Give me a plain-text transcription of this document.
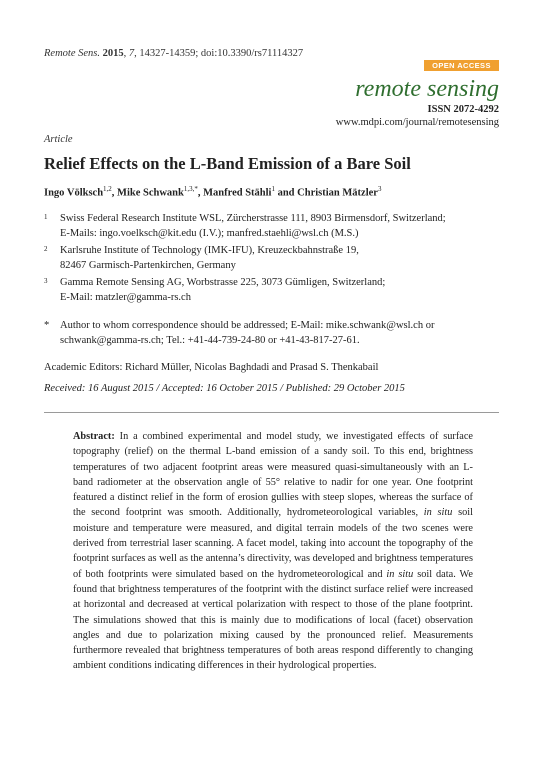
Remote Sens. 2015, 7, 14327-14359; doi:10.3390/rs71114327
OPEN ACCESS
remote sensing
ISSN 2072-4292
www.mdpi.com/journal/remotesensing
Article
Relief Effects on the L-Band Emission of a Bare Soil
Ingo Völksch$^{1,2}$, Mike Schwank$^{1,3,*}$, Manfred Stähli$^1$ and Christian Mätzler$^3$
1 Swiss Federal Research Institute WSL, Zürcherstrasse 111, 8903 Birmensdorf, Switzerland;
E-Mails: ingo.voelksch@kit.edu (I.V.); manfred.staehli@wsl.ch (M.S.)
2 Karlsruhe Institute of Technology (IMK-IFU), Kreuzeckbahnstraße 19,
82467 Garmisch-Partenkirchen, Germany
3 Gamma Remote Sensing AG, Worbstrasse 225, 3073 Gümligen, Switzerland;
E-Mail: matzler@gamma-rs.ch
* Author to whom correspondence should be addressed; E-Mail: mike.schwank@wsl.ch or
schwank@gamma-rs.ch; Tel.: +41-44-739-24-80 or +41-43-817-27-61.
Academic Editors: Richard Müller, Nicolas Baghdadi and Prasad S. Thenkabail
Received: 16 August 2015 / Accepted: 16 October 2015 / Published: 29 October 2015
Abstract: In a combined experimental and model study, we investigated effects of surface topography (relief) on the thermal L-band emission of a sandy soil. To this end, brightness temperatures of two adjacent footprint areas were measured quasi-simultaneously with an L-band radiometer at the observation angle of 55° relative to nadir for one year. One footprint featured a distinct relief in the form of erosion gullies with steep slopes, whereas the surface of the second footprint was smooth. Additionally, hydrometeorological variables, in situ soil moisture and temperature were measured, and digital terrain models of the two scenes were derived from terrestrial laser scanning. A facet model, taking into account the topography of the footprint surfaces as well as the antenna’s directivity, was developed and brightness temperatures of both footprints were simulated based on the hydrometeorological and in situ soil data. We found that brightness temperatures of the footprint with the distinct surface relief were increased at horizontal and decreased at vertical polarization with respect to those of the plane footprint. The simulations showed that this is mainly due to modifications of local (facet) observation angles and due to polarization mixing caused by the pronounced relief. Measurements furthermore revealed that brightness temperatures of both areas respond differently to changing ambient conditions indicating differences in their hydrological properties.
